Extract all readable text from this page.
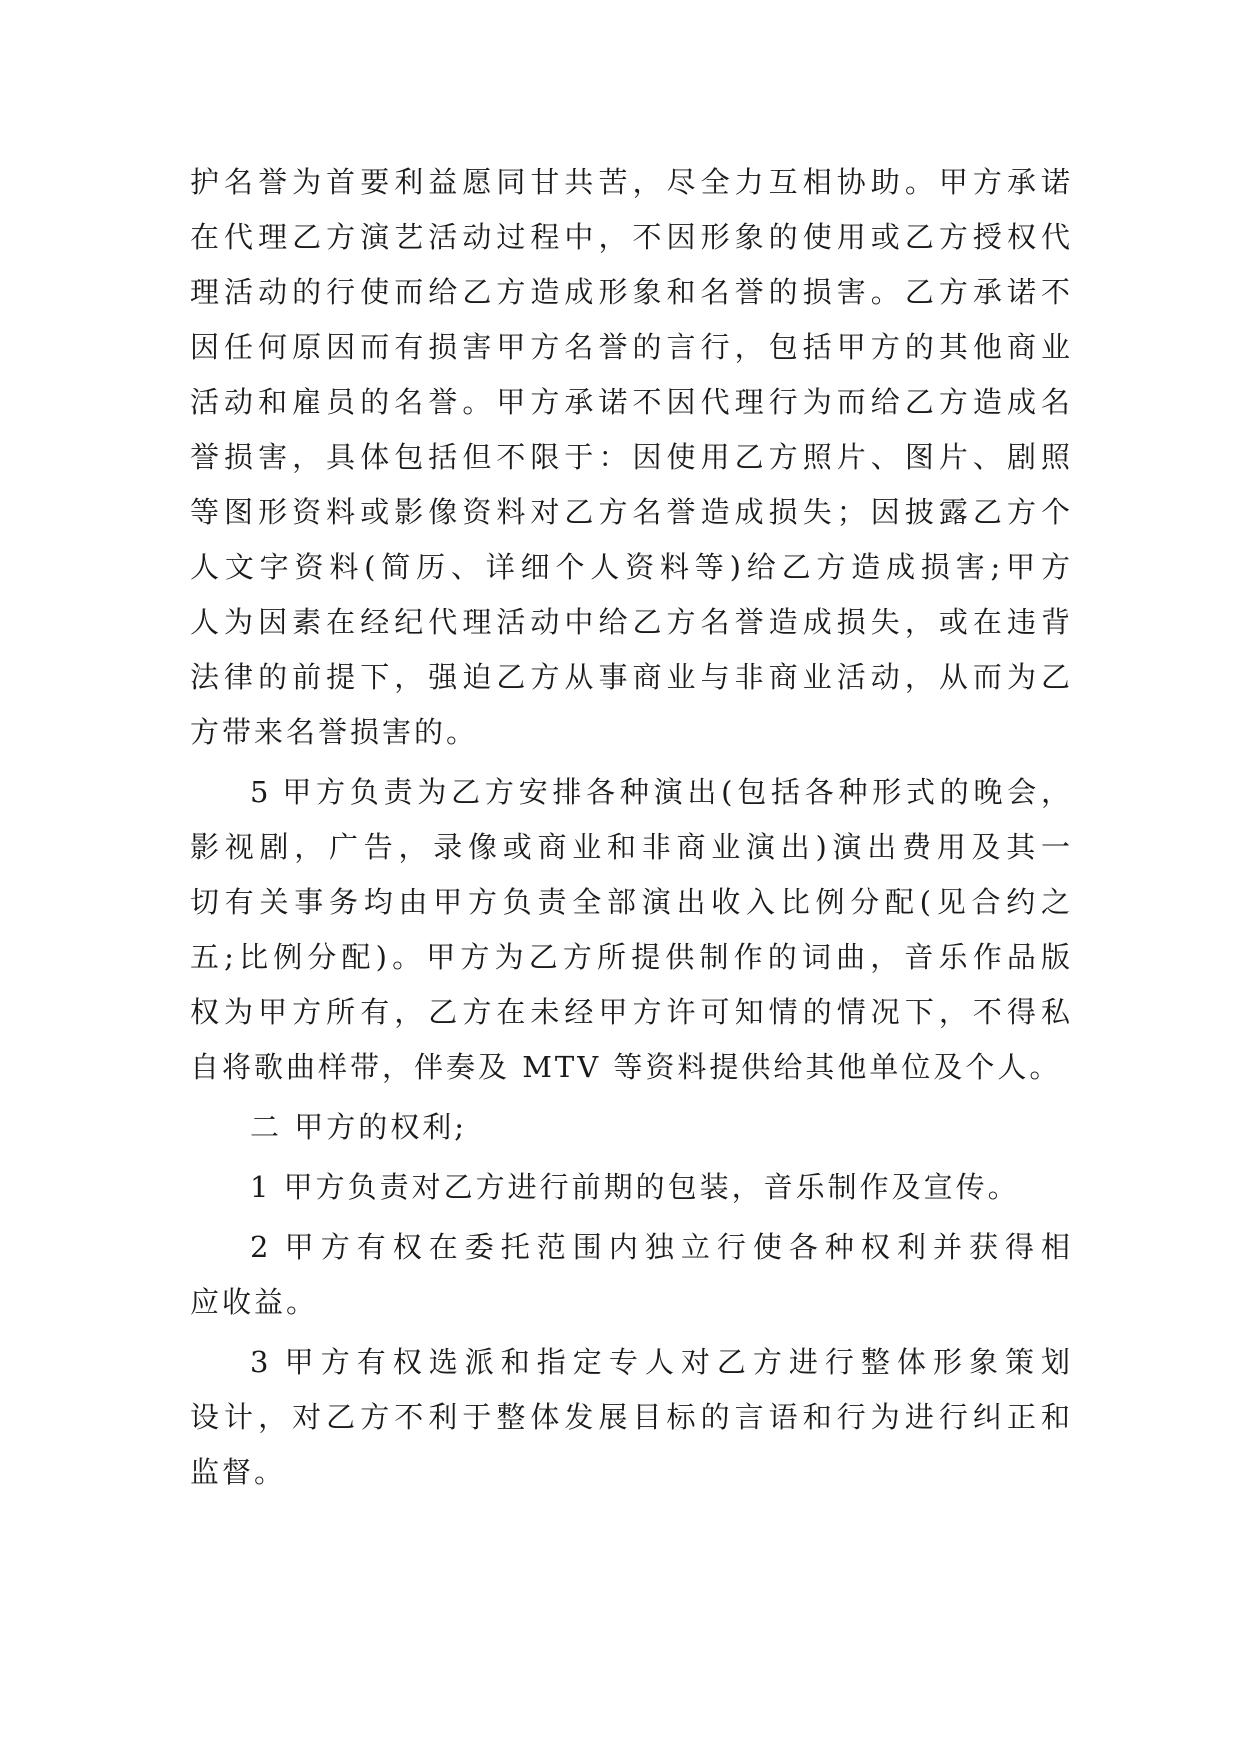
护名誉为首要利益愿同甘共苦，尽全力互相协助。甲方承诺
在代理乙方演艺活动过程中，不因形象的使用或乙方授权代
理活动的行使而给乙方造成形象和名誉的损害。乙方承诺不
因任何原因而有损害甲方名誉的言行，包括甲方的其他商业
活动和雇员的名誉。甲方承诺不因代理行为而给乙方造成名
誉损害，具体包括但不限于：因使用乙方照片、图片、剧照
等图形资料或影像资料对乙方名誉造成损失；因披露乙方个
人文字资料(简历、详细个人资料等)给乙方造成损害;甲方
人为因素在经纪代理活动中给乙方名誉造成损失，或在违背
法律的前提下，强迫乙方从事商业与非商业活动，从而为乙
方带来名誉损害的。
5 甲方负责为乙方安排各种演出(包括各种形式的晚会，
影视剧，广告，录像或商业和非商业演出)演出费用及其一
切有关事务均由甲方负责全部演出收入比例分配(见合约之
五;比例分配)。甲方为乙方所提供制作的词曲，音乐作品版
权为甲方所有，乙方在未经甲方许可知情的情况下，不得私
自将歌曲样带，伴奏及 MTV 等资料提供给其他单位及个人。
二 甲方的权利;
1 甲方负责对乙方进行前期的包装，音乐制作及宣传。
2 甲方有权在委托范围内独立行使各种权利并获得相
应收益。
3 甲方有权选派和指定专人对乙方进行整体形象策划
设计，对乙方不利于整体发展目标的言语和行为进行纠正和
监督。
